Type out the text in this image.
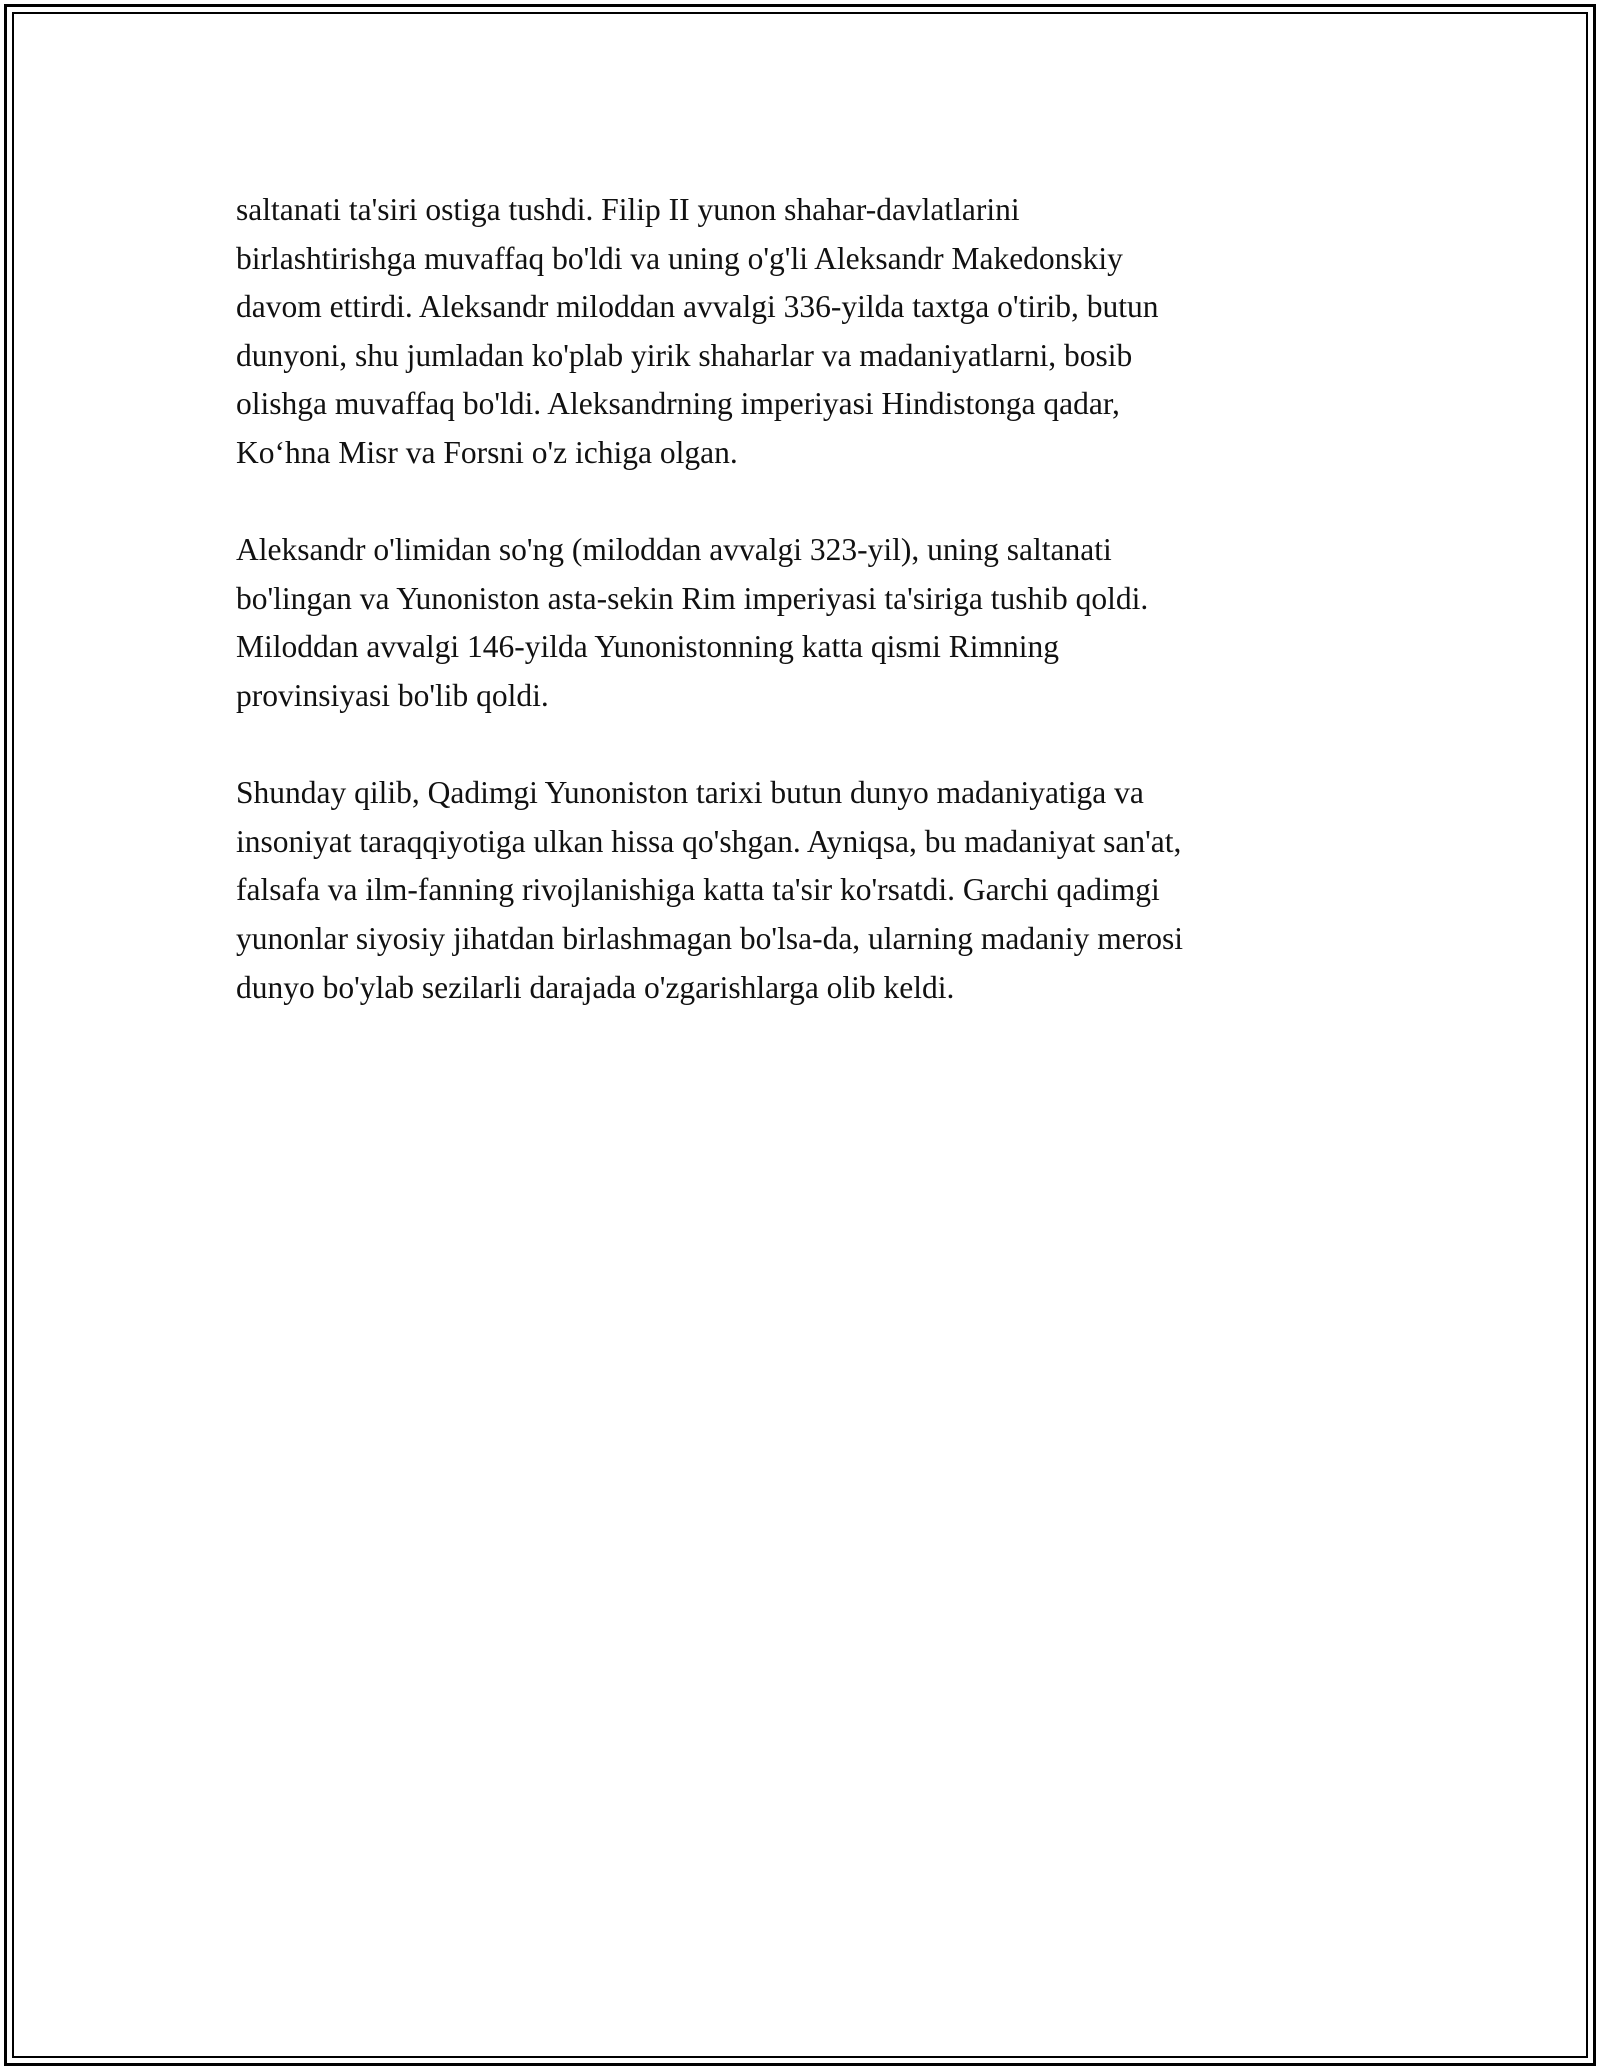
saltanati ta'siri ostiga tushdi. Filip II yunon shahar-davlatlarini
birlashtirishga muvaffaq bo'ldi va uning o'g'li Aleksandr Makedonskiy
davom ettirdi. Aleksandr miloddan avvalgi 336-yilda taxtga o'tirib, butun
dunyoni, shu jumladan ko'plab yirik shaharlar va madaniyatlarni, bosib
olishga muvaffaq bo'ldi. Aleksandrning imperiyasi Hindistonga qadar,
Ko‘hna Misr va Forsni o'z ichiga olgan.

Aleksandr o'limidan so'ng (miloddan avvalgi 323-yil), uning saltanati
bo'lingan va Yunoniston asta-sekin Rim imperiyasi ta'siriga tushib qoldi.
Miloddan avvalgi 146-yilda Yunonistonning katta qismi Rimning
provinsiyasi bo'lib qoldi.

Shunday qilib, Qadimgi Yunoniston tarixi butun dunyo madaniyatiga va
insoniyat taraqqiyotiga ulkan hissa qo'shgan. Ayniqsa, bu madaniyat san'at,
falsafa va ilm-fanning rivojlanishiga katta ta'sir ko'rsatdi. Garchi qadimgi
yunonlar siyosiy jihatdan birlashmagan bo'lsa-da, ularning madaniy merosi
dunyo bo'ylab sezilarli darajada o'zgarishlarga olib keldi.
